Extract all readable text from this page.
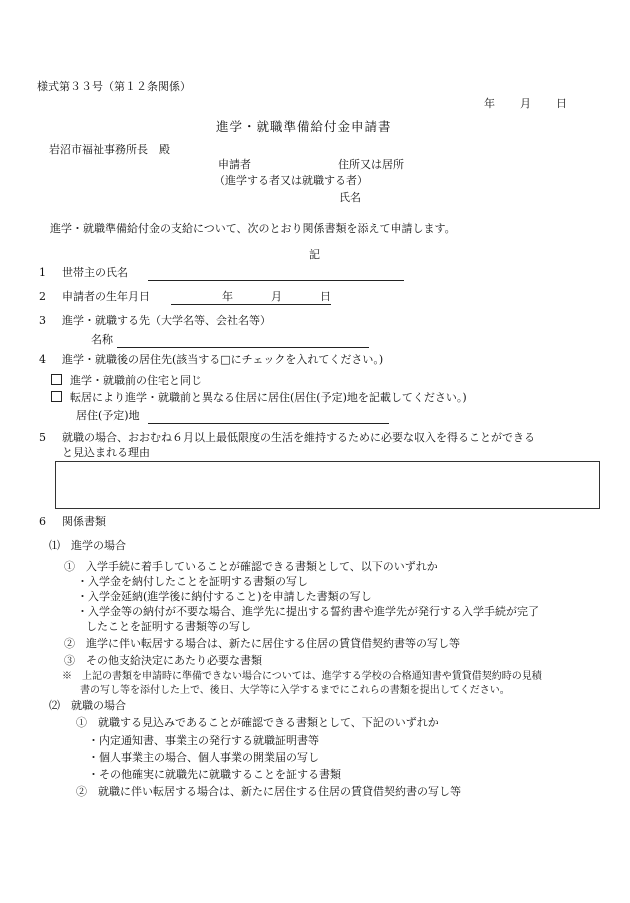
様式第３３号（第１２条関係）
年 月 日
進学・就職準備給付金申請書
岩沼市福祉事務所長　殿
申請者	住所又は居所
（進学する者又は就職する者）
氏名
進学・就職準備給付金の支給について、次のとおり関係書類を添えて申請します。
記
1 世帯主の氏名
2 申請者の生年月日	年	月	日
3 進学・就職する先（大学名等、会社名等）
名称
4 進学・就職後の居住先(該当する□にチェックを入れてください。)
進学・就職前の住宅と同じ
転居により進学・就職前と異なる住居に居住(居住(予定)地を記載してください。)
居住(予定)地
5 就職の場合、おおむね６月以上最低限度の生活を維持するために必要な収入を得ることができる
と見込まれる理由
6 関係書類
⑴　進学の場合
①　入学手続に着手していることが確認できる書類として、以下のいずれか
・入学金を納付したことを証明する書類の写し
・入学金延納(進学後に納付すること)を申請した書類の写し
・入学金等の納付が不要な場合、進学先に提出する誓約書や進学先が発行する入学手続が完了
したことを証明する書類等の写し
②　進学に伴い転居する場合は、新たに居住する住居の賃貸借契約書等の写し等
③　その他支給決定にあたり必要な書類
※　上記の書類を申請時に準備できない場合については、進学する学校の合格通知書や賃貸借契約時の見積
書の写し等を添付した上で、後日、大学等に入学するまでにこれらの書類を提出してください。
⑵　就職の場合
①　就職する見込みであることが確認できる書類として、下記のいずれか
・内定通知書、事業主の発行する就職証明書等
・個人事業主の場合、個人事業の開業届の写し
・その他確実に就職先に就職することを証する書類
②　就職に伴い転居する場合は、新たに居住する住居の賃貸借契約書の写し等
